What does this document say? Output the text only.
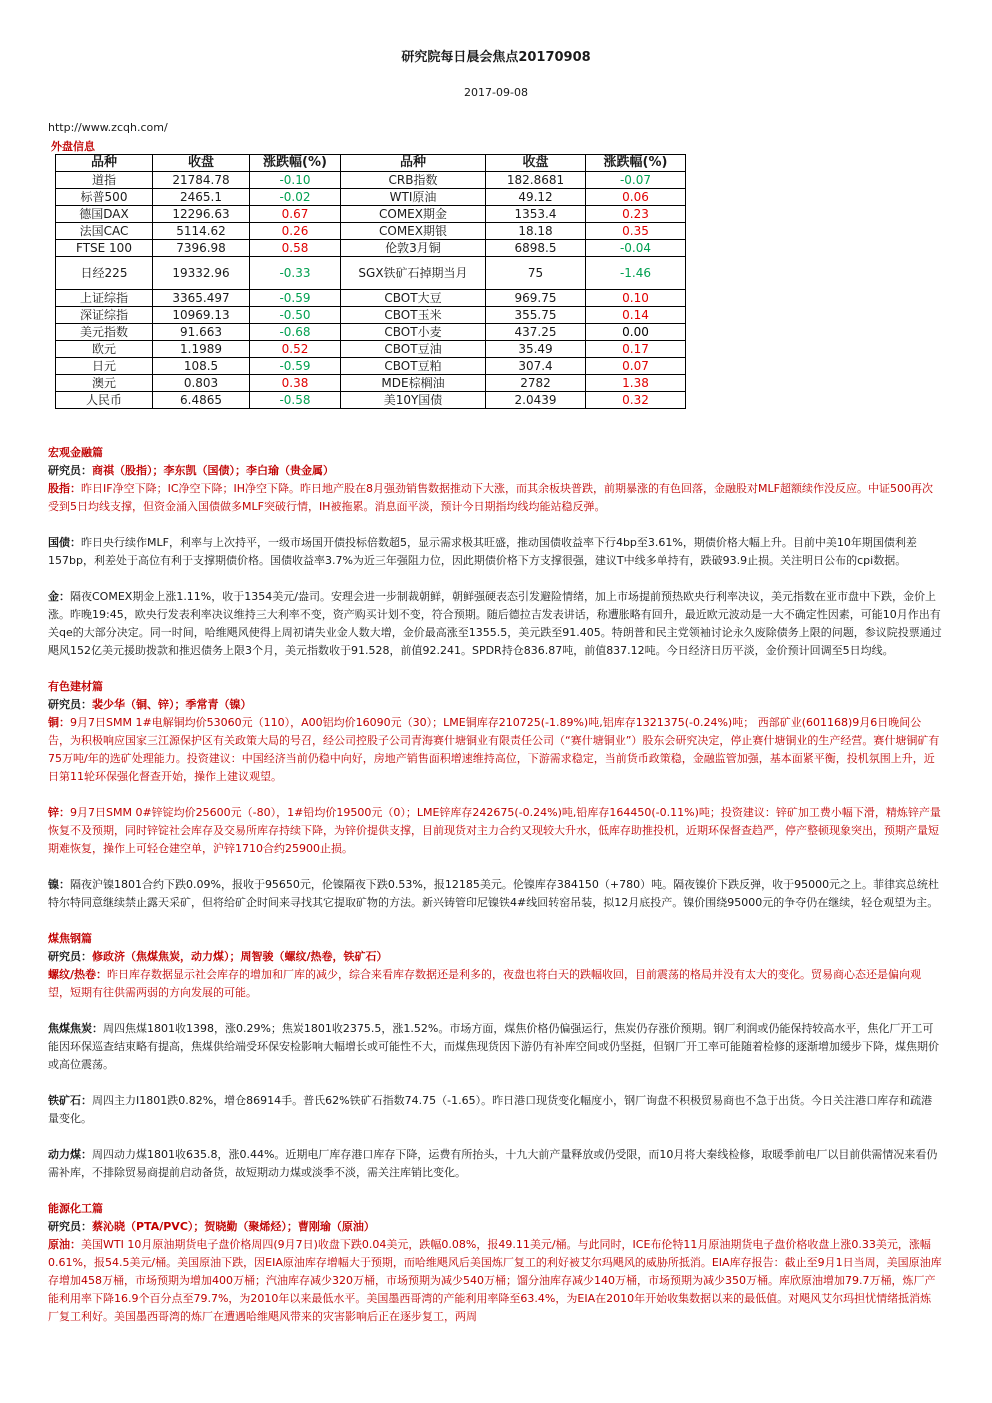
研究院每日晨会焦点20170908
2017-09-08
http://www.zcqh.com/
外盘信息
品种	收盘	涨跌幅(%)	品种	收盘	涨跌幅(%)
道指	21784.78	-0.10	CRB指数	182.8681	-0.07
标普500	2465.1	-0.02	WTI原油	49.12	0.06
德国DAX	12296.63	0.67	COMEX期金	1353.4	0.23
法国CAC	5114.62	0.26	COMEX期银	18.18	0.35
FTSE 100	7396.98	0.58	伦敦3月铜	6898.5	-0.04
日经225	19332.96	-0.33	SGX铁矿石掉期当月	75	-1.46
上证综指	3365.497	-0.59	CBOT大豆	969.75	0.10
深证综指	10969.13	-0.50	CBOT玉米	355.75	0.14
美元指数	91.663	-0.68	CBOT小麦	437.25	0.00
欧元	1.1989	0.52	CBOT豆油	35.49	0.17
日元	108.5	-0.59	CBOT豆粕	307.4	0.07
澳元	0.803	0.38	MDE棕榈油	2782	1.38
人民币	6.4865	-0.58	美10Y国债	2.0439	0.32
宏观金融篇
研究员：商祺（股指）；李东凯（国债）；李白瑜（贵金属）

股指：昨日IF净空下降；IC净空下降；IH净空下降。昨日地产股在8月强劲销售数据推动下大涨，而其余板块普跌，前期暴涨的有色回落，金融股对MLF超额续作没反应。中证500再次受到5日均线支撑，但资金涌入国债做多MLF突破行情，IH被拖累。消息面平淡，预计今日期指均线均能站稳反弹。

国债：昨日央行续作MLF，利率与上次持平，一级市场国开债投标倍数超5，显示需求极其旺盛，推动国债收益率下行4bp至3.61%，期债价格大幅上升。目前中美10年期国债利差157bp，利差处于高位有利于支撑期债价格。国债收益率3.7%为近三年强阻力位，因此期债价格下方支撑很强，建议T中线多单持有，跌破93.9止损。关注明日公布的cpi数据。

金：隔夜COMEX期金上涨1.11%，收于1354美元/盎司。安理会进一步制裁朝鲜，朝鲜强硬表态引发避险情绪，加上市场提前预热欧央行利率决议，美元指数在亚市盘中下跌，金价上涨。昨晚19:45，欧央行发表利率决议维持三大利率不变，资产购买计划不变，符合预期。随后德拉吉发表讲话，称遭胀略有回升，最近欧元波动是一大不确定性因素，可能10月作出有关qe的大部分决定。同一时间，哈维飓风使得上周初请失业金人数大增，金价最高涨至1355.5，美元跌至91.405。特朗普和民主党领袖讨论永久废除债务上限的问题，参议院投票通过飓风152亿美元援助拨款和推迟债务上限3个月，美元指数收于91.528，前值92.241。SPDR持仓836.87吨，前值837.12吨。今日经济日历平淡，金价预计回调至5日均线。

有色建材篇
研究员：裴少华（铜、锌）；季常青（镍）

铜：9月7日SMM 1#电解铜均价53060元（110），A00铝均价16090元（30）；LME铜库存210725(-1.89%)吨,铝库存1321375(-0.24%)吨； 西部矿业(601168)9月6日晚间公告，为积极响应国家三江源保护区有关政策大局的号召，经公司控股子公司青海赛什塘铜业有限责任公司（“赛什塘铜业”）股东会研究决定，停止赛什塘铜业的生产经营。赛什塘铜矿有75万吨/年的选矿处理能力。投资建议：中国经济当前仍稳中向好，房地产销售面积增速维持高位，下游需求稳定，当前货币政策稳，金融监管加强，基本面紧平衡，投机氛围上升，近日第11轮环保强化督查开始，操作上建议观望。

锌：9月7日SMM 0#锌锭均价25600元（-80），1#铅均价19500元（0）；LME锌库存242675(-0.24%)吨,铅库存164450(-0.11%)吨；投资建议：锌矿加工费小幅下滑，精炼锌产量恢复不及预期，同时锌锭社会库存及交易所库存持续下降，为锌价提供支撑，目前现货对主力合约又现较大升水，低库存助推投机，近期环保督查趋严，停产整顿现象突出，预期产量短期难恢复，操作上可轻仓建空单，沪锌1710合约25900止损。

镍：隔夜沪镍1801合约下跌0.09%，报收于95650元，伦镍隔夜下跌0.53%，报12185美元。伦镍库存384150（+780）吨。隔夜镍价下跌反弹，收于95000元之上。菲律宾总统杜特尔特同意继续禁止露天采矿，但将给矿企时间来寻找其它提取矿物的方法。新兴铸管印尼镍铁4#线回转窑吊装，拟12月底投产。镍价围绕95000元的争夺仍在继续，轻仓观望为主。

煤焦钢篇
研究员：修政济（焦煤焦炭，动力煤）；周智骏（螺纹/热卷，铁矿石）

螺纹/热卷：昨日库存数据显示社会库存的增加和厂库的减少，综合来看库存数据还是利多的，夜盘也将白天的跌幅收回，目前震荡的格局并没有太大的变化。贸易商心态还是偏向观望，短期有往供需两弱的方向发展的可能。

焦煤焦炭：周四焦煤1801收1398，涨0.29%；焦炭1801收2375.5，涨1.52%。市场方面，煤焦价格仍偏强运行，焦炭仍存涨价预期。钢厂利润或仍能保持较高水平，焦化厂开工可能因环保巡查结束略有提高，焦煤供给端受环保安检影响大幅增长或可能性不大，而煤焦现货因下游仍有补库空间或仍坚挺，但钢厂开工率可能随着检修的逐渐增加缓步下降，煤焦期价或高位震荡。

铁矿石：周四主力I1801跌0.82%，增仓86914手。普氏62%铁矿石指数74.75（-1.65）。昨日港口现货变化幅度小，钢厂询盘不积极贸易商也不急于出货。今日关注港口库存和疏港量变化。

动力煤：周四动力煤1801收635.8，涨0.44%。近期电厂库存港口库存下降，运费有所抬头，十九大前产量释放或仍受限，而10月将大秦线检修，取暖季前电厂以目前供需情况来看仍需补库，不排除贸易商提前启动备货，故短期动力煤或淡季不淡，需关注库销比变化。

能源化工篇
研究员：蔡沁晓（PTA/PVC）；贺晓勤（聚烯烃）；曹刚瑜（原油）

原油：美国WTI 10月原油期货电子盘价格周四(9月7日)收盘下跌0.04美元，跌幅0.08%，报49.11美元/桶。与此同时，ICE布伦特11月原油期货电子盘价格收盘上涨0.33美元，涨幅0.61%，报54.5美元/桶。美国原油下跌，因EIA原油库存增幅大于预期，而哈维飓风后美国炼厂复工的利好被艾尔玛飓风的威胁所抵消。EIA库存报告：截止至9月1日当周，美国原油库存增加458万桶，市场预期为增加400万桶；汽油库存减少320万桶，市场预期为减少540万桶；馏分油库存减少140万桶，市场预期为减少350万桶。库欣原油增加79.7万桶，炼厂产能利用率下降16.9个百分点至79.7%，为2010年以来最低水平。美国墨西哥湾的产能利用率降至63.4%，为EIA在2010年开始收集数据以来的最低值。对飓风艾尔玛担忧情绪抵消炼厂复工利好。美国墨西哥湾的炼厂在遭遇哈维飓风带来的灾害影响后正在逐步复工，两周
